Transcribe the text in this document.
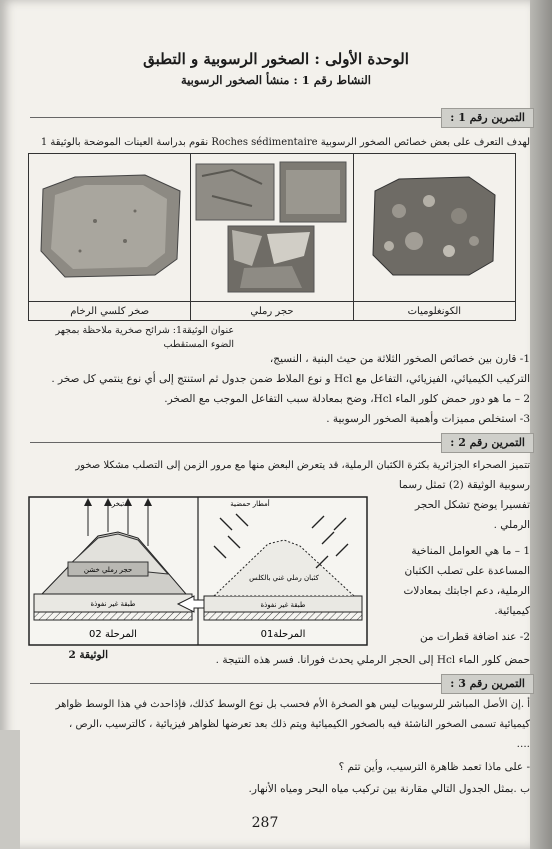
الوحدة الأولى : الصخور الرسوبية و التطبق
النشاط رقم 1 : منشأ الصخور الرسوبية
التمرين رقم 1 :
لهدف التعرف على بعض خصائص الصخور الرسوبية Roches sédimentaire نقوم بدراسة العينات الموضحة بالوثيقة 1

صخر كلسي الرخام	حجر رملي	الكونغلوميات
عنوان الوثيقة1: شرائح صخرية ملاحظة بمجهر الضوء المستقطب
1- قارن بين خصائص الصخور الثلاثة من حيث البنية ، النسيج،
التركيب الكيميائي، الفيزيائي، التفاعل مع Hcl و نوع الملاط ضمن جدول ثم استنتج إلى أي نوع ينتمي كل صخر .
2 – ما هو دور حمض كلور الماء Hcl، وضح بمعادلة سبب التفاعل الموجب مع الصخر.
3- استخلص مميزات وأهمية الصخور الرسوبية .
التمرين رقم 2 :
تتميز الصحراء الجزائرية بكثرة الكثبان الرملية، قد يتعرض البعض منها مع مرور الزمن إلى التصلب مشكلا صخور
رسوبية الوثيقة (2) تمثل رسما
تفسيرا يوضح تشكل الحجر
الرملي .
1 – ما هي العوامل المناخية
المساعدة على تصلب الكثبان
الرملية، دعم اجابتك بمعادلات
كيميائية.
2- عند اضافة قطرات من
حمض كلور الماء Hcl إلى الحجر الرملي يحدث فورانا. فسر هذه النتيجة .
تبخر	أمطار حمضية
حجر رملي خشن
كثبان رملي غني بالكلس
طبقة غير نفوذة	طبقة غير نفوذة
المرحلة 02	المرحلة01
الوثيقة 2
التمرين رقم 3 :
أ .إن الأصل المباشر للرسوبيات ليس هو الصخرة الأم فحسب بل نوع الوسط كذلك، فإذاحدث في هذا الوسط ظواهر
كيميائية تسمى الصخور الناشئة فيه بالصخور الكيميائية ويتم ذلك بعد تعرضها لظواهر فيزيائية ، كالترسيب ،الرص ،
....
- على ماذا تعمد ظاهرة الترسيب، وأين تتم ؟
ب .بمثل الجدول التالي مقارنة بين تركيب مياه البحر ومياه الأنهار.
287
